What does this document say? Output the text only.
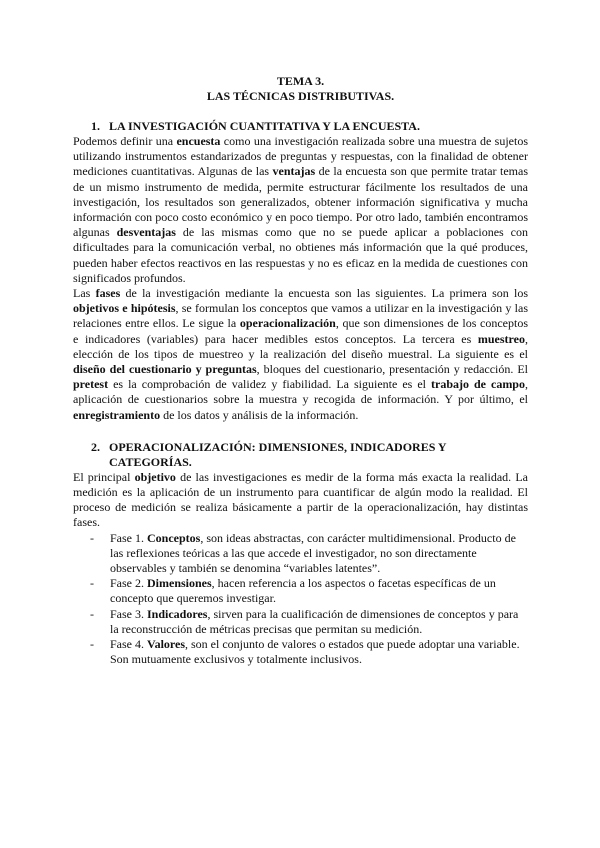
TEMA 3.
LAS TÉCNICAS DISTRIBUTIVAS.
1. LA INVESTIGACIÓN CUANTITATIVA Y LA ENCUESTA.

Podemos definir una encuesta como una investigación realizada sobre una muestra de sujetos utilizando instrumentos estandarizados de preguntas y respuestas, con la finalidad de obtener mediciones cuantitativas. Algunas de las ventajas de la encuesta son que permite tratar temas de un mismo instrumento de medida, permite estructurar fácilmente los resultados de una investigación, los resultados son generalizados, obtener información significativa y mucha información con poco costo económico y en poco tiempo. Por otro lado, también encontramos algunas desventajas de las mismas como que no se puede aplicar a poblaciones con dificultades para la comunicación verbal, no obtienes más información que la qué produces, pueden haber efectos reactivos en las respuestas y no es eficaz en la medida de cuestiones con significados profundos.

Las fases de la investigación mediante la encuesta son las siguientes. La primera son los objetivos e hipótesis, se formulan los conceptos que vamos a utilizar en la investigación y las relaciones entre ellos. Le sigue la operacionalización, que son dimensiones de los conceptos e indicadores (variables) para hacer medibles estos conceptos. La tercera es muestreo, elección de los tipos de muestreo y la realización del diseño muestral. La siguiente es el diseño del cuestionario y preguntas, bloques del cuestionario, presentación y redacción. El pretest es la comprobación de validez y fiabilidad. La siguiente es el trabajo de campo, aplicación de cuestionarios sobre la muestra y recogida de información. Y por último, el enregistramiento de los datos y análisis de la información.

2. OPERACIONALIZACIÓN: DIMENSIONES, INDICADORES Y CATEGORÍAS.

El principal objetivo de las investigaciones es medir de la forma más exacta la realidad. La medición es la aplicación de un instrumento para cuantificar de algún modo la realidad. El proceso de medición se realiza básicamente a partir de la operacionalización, hay distintas fases.

-	Fase 1. Conceptos, son ideas abstractas, con carácter multidimensional. Producto de las reflexiones teóricas a las que accede el investigador, no son directamente observables y también se denomina “variables latentes”.
-	Fase 2. Dimensiones, hacen referencia a los aspectos o facetas específicas de un concepto que queremos investigar.
-	Fase 3. Indicadores, sirven para la cualificación de dimensiones de conceptos y para la reconstrucción de métricas precisas que permitan su medición.
-	Fase 4. Valores, son el conjunto de valores o estados que puede adoptar una variable. Son mutuamente exclusivos y totalmente inclusivos.
